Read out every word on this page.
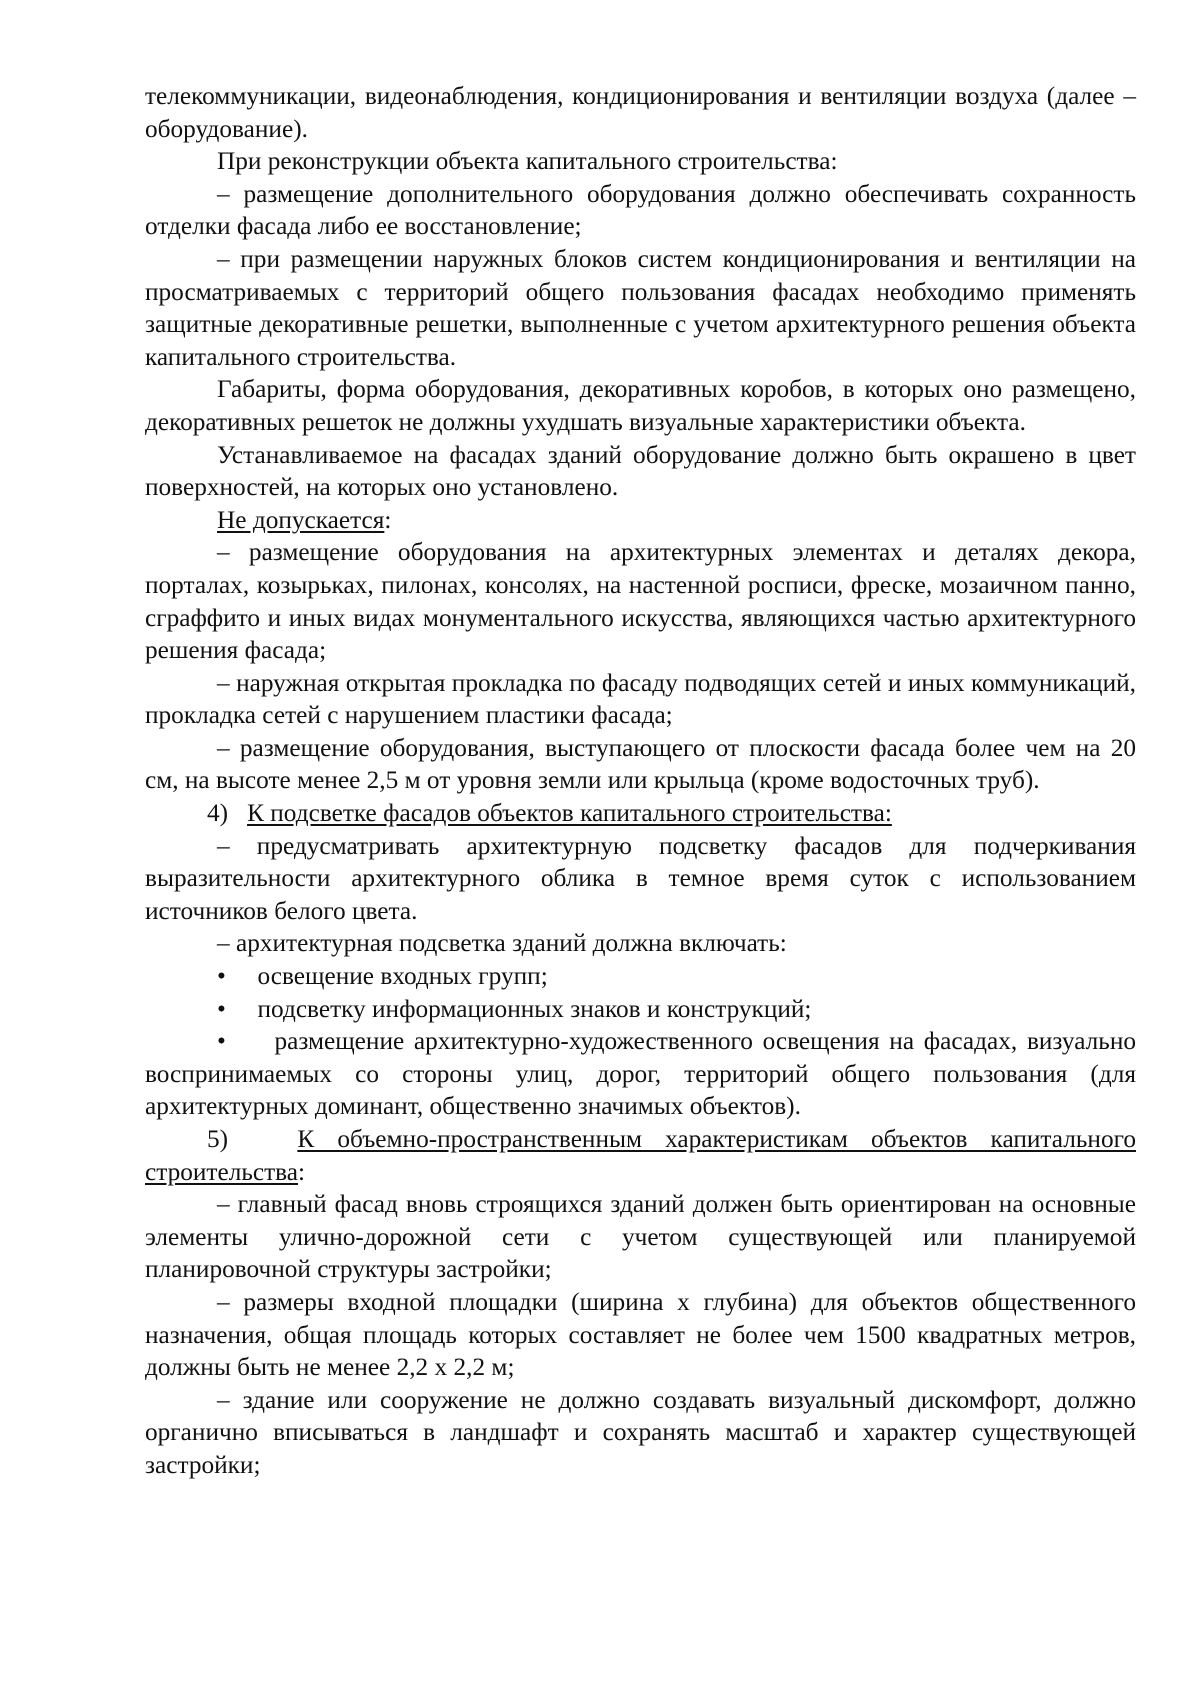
телекоммуникации, видеонаблюдения, кондиционирования и вентиляции воздуха (далее – оборудование).

При реконструкции объекта капитального строительства:

– размещение дополнительного оборудования должно обеспечивать сохранность отделки фасада либо ее восстановление;

– при размещении наружных блоков систем кондиционирования и вентиляции на просматриваемых с территорий общего пользования фасадах необходимо применять защитные декоративные решетки, выполненные с учетом архитектурного решения объекта капитального строительства.

Габариты, форма оборудования, декоративных коробов, в которых оно размещено, декоративных решеток не должны ухудшать визуальные характеристики объекта.

Устанавливаемое на фасадах зданий оборудование должно быть окрашено в цвет поверхностей, на которых оно установлено.

Не допускается:

– размещение оборудования на архитектурных элементах и деталях декора, порталах, козырьках, пилонах, консолях, на настенной росписи, фреске, мозаичном панно, сграффито и иных видах монументального искусства, являющихся частью архитектурного решения фасада;

– наружная открытая прокладка по фасаду подводящих сетей и иных коммуникаций, прокладка сетей с нарушением пластики фасада;

– размещение оборудования, выступающего от плоскости фасада более чем на 20 см, на высоте менее 2,5 м от уровня земли или крыльца (кроме водосточных труб).

4) К подсветке фасадов объектов капитального строительства:

– предусматривать архитектурную подсветку фасадов для подчеркивания выразительности архитектурного облика в темное время суток с использованием источников белого цвета.

– архитектурная подсветка зданий должна включать:

• освещение входных групп;

• подсветку информационных знаков и конструкций;

• размещение архитектурно-художественного освещения на фасадах, визуально воспринимаемых со стороны улиц, дорог, территорий общего пользования (для архитектурных доминант, общественно значимых объектов).

5)	К объемно-пространственным характеристикам объектов капитального строительства:

– главный фасад вновь строящихся зданий должен быть ориентирован на основные элементы улично-дорожной сети с учетом существующей или планируемой планировочной структуры застройки;

– размеры входной площадки (ширина х глубина) для объектов общественного назначения, общая площадь которых составляет не более чем 1500 квадратных метров, должны быть не менее 2,2 х 2,2 м;

– здание или сооружение не должно создавать визуальный дискомфорт, должно органично вписываться в ландшафт и сохранять масштаб и характер существующей застройки;
